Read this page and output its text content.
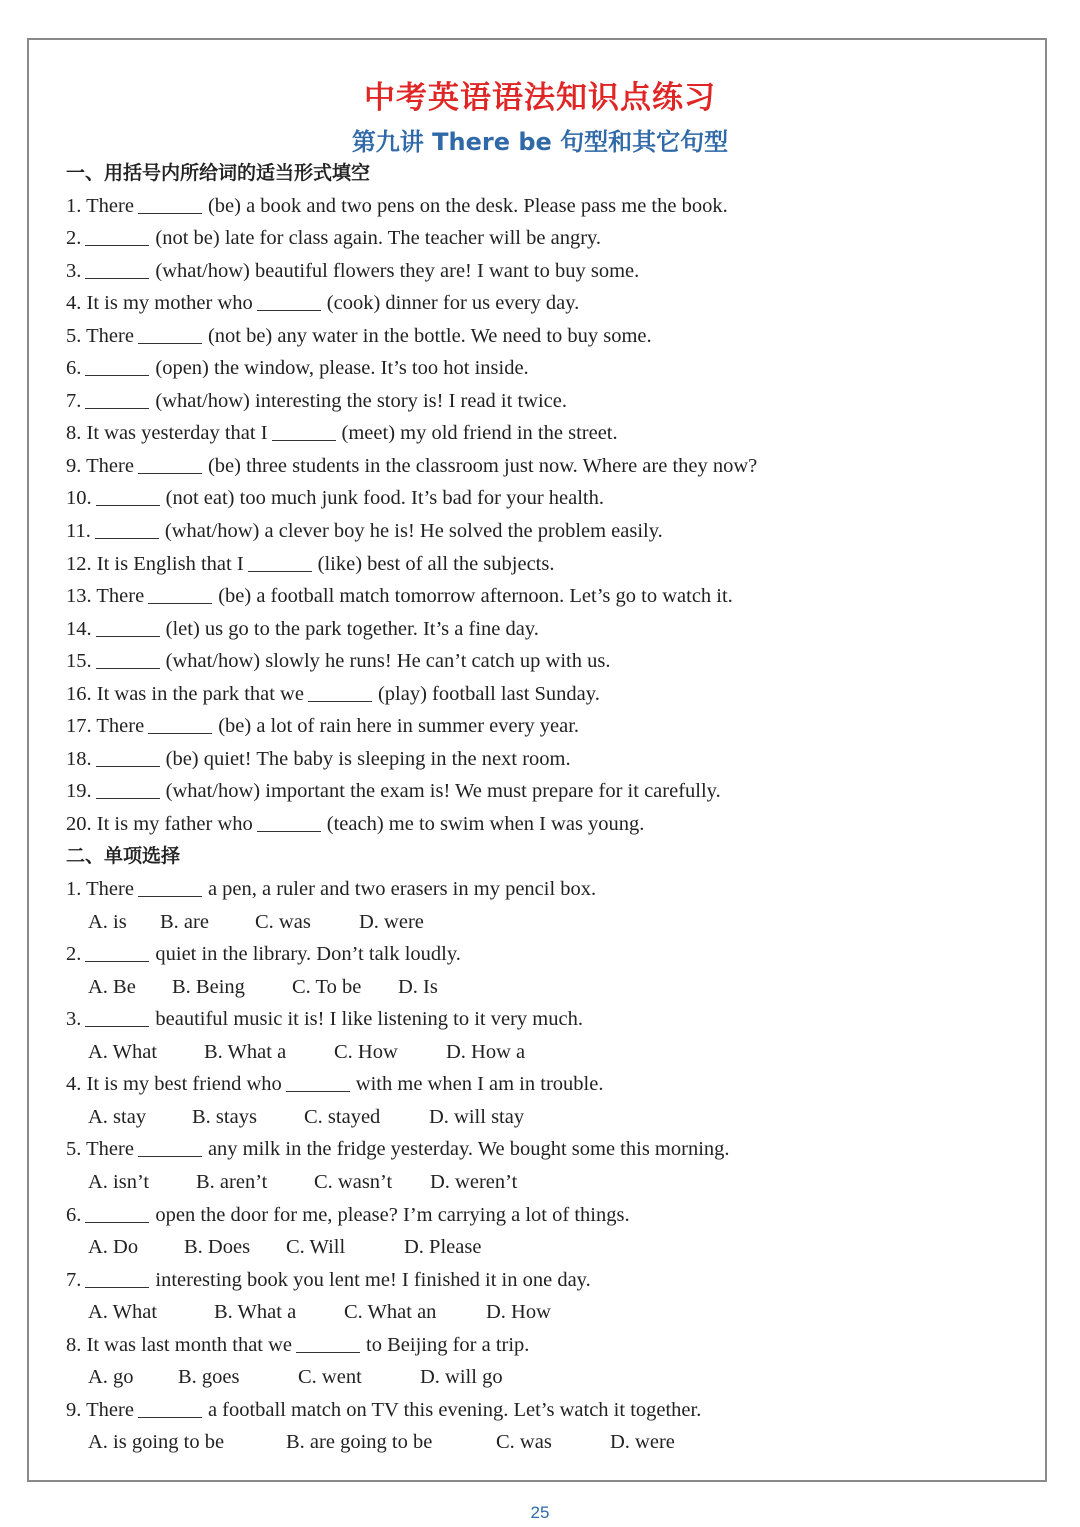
中考英语语法知识点练习
第九讲 There be 句型和其它句型
一、用括号内所给词的适当形式填空
1. There	(be) a book and two pens on the desk. Please pass me the book.
2.	(not be) late for class again. The teacher will be angry.
3.	(what/how) beautiful flowers they are! I want to buy some.
4. It is my mother who	(cook) dinner for us every day.
5. There	(not be) any water in the bottle. We need to buy some.
6.	(open) the window, please. It’s too hot inside.
7.	(what/how) interesting the story is! I read it twice.
8. It was yesterday that I	(meet) my old friend in the street.
9. There	(be) three students in the classroom just now. Where are they now?
10.	(not eat) too much junk food. It’s bad for your health.
11.	(what/how) a clever boy he is! He solved the problem easily.
12. It is English that I	(like) best of all the subjects.
13. There	(be) a football match tomorrow afternoon. Let’s go to watch it.
14.	(let) us go to the park together. It’s a fine day.
15.	(what/how) slowly he runs! He can’t catch up with us.
16. It was in the park that we	(play) football last Sunday.
17. There	(be) a lot of rain here in summer every year.
18.	(be) quiet! The baby is sleeping in the next room.
19.	(what/how) important the exam is! We must prepare for it carefully.
20. It is my father who	(teach) me to swim when I was young.
二、单项选择
1. There	a pen, a ruler and two erasers in my pencil box.
A. is B. are C. was D. were
2.	quiet in the library. Don’t talk loudly.
A. Be B. Being C. To be D. Is
3.	beautiful music it is! I like listening to it very much.
A. What B. What a C. How D. How a
4. It is my best friend who	with me when I am in trouble.
A. stay B. stays C. stayed D. will stay
5. There	any milk in the fridge yesterday. We bought some this morning.
A. isn’t B. aren’t C. wasn’t D. weren’t
6.	open the door for me, please? I’m carrying a lot of things.
A. Do B. Does C. Will	D. Please
7.	interesting book you lent me! I finished it in one day.
A. What	B. What a C. What an D. How
8. It was last month that we	to Beijing for a trip.
A. go B. goes	C. went	D. will go
9. There	a football match on TV this evening. Let’s watch it together.
A. is going to be	B. are going to be	C. was	D. were
25
